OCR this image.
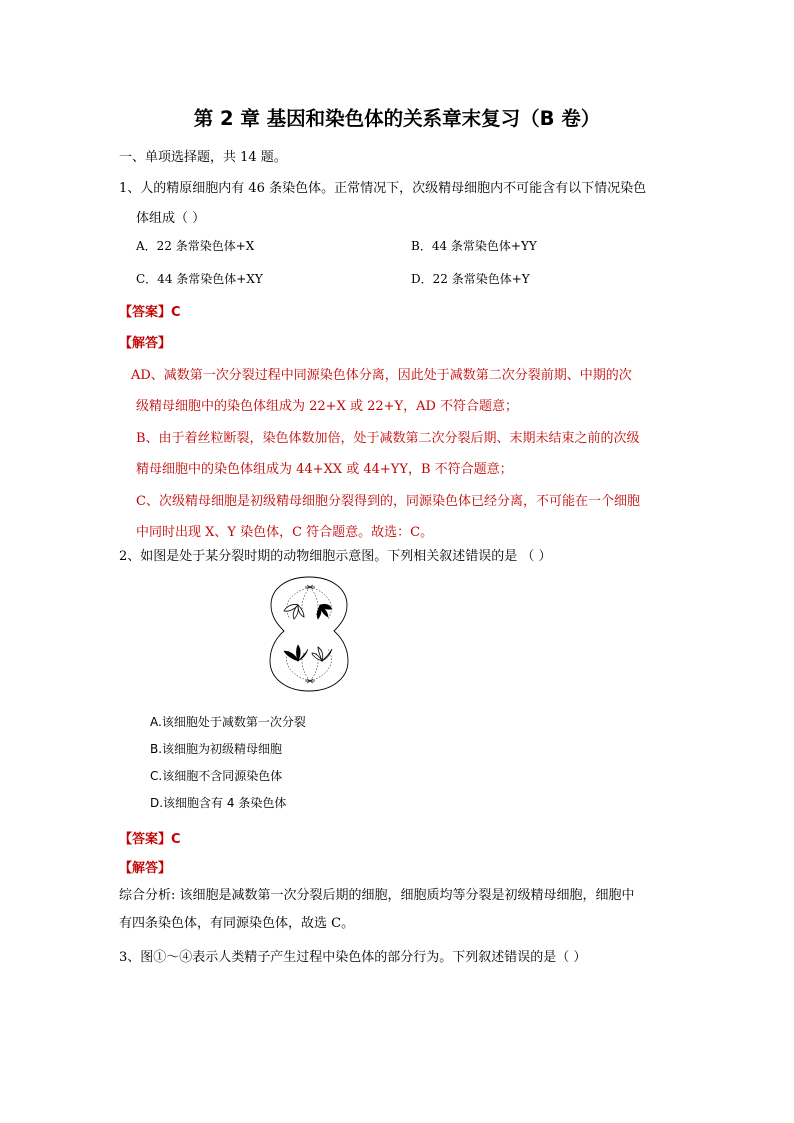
第 2 章 基因和染色体的关系章末复习（B 卷）
一、单项选择题，共 14 题。
1、人的精原细胞内有 46 条染色体。正常情况下，次级精母细胞内不可能含有以下情况染色
体组成（ ）
A．22 条常染色体+X	B．44 条常染色体+YY
C．44 条常染色体+XY	D．22 条常染色体+Y
【答案】C
【解答】
AD、减数第一次分裂过程中同源染色体分离，因此处于减数第二次分裂前期、中期的次
级精母细胞中的染色体组成为 22+X 或 22+Y，AD 不符合题意；
B、由于着丝粒断裂，染色体数加倍，处于减数第二次分裂后期、末期未结束之前的次级
精母细胞中的染色体组成为 44+XX 或 44+YY，B 不符合题意；
C、次级精母细胞是初级精母细胞分裂得到的，同源染色体已经分离，不可能在一个细胞
中同时出现 X、Y 染色体，C 符合题意。故选：C。
2、如图是处于某分裂时期的动物细胞示意图。下列相关叙述错误的是 （ ）
A.该细胞处于减数第一次分裂
B.该细胞为初级精母细胞
C.该细胞不含同源染色体
D.该细胞含有 4 条染色体
【答案】C
【解答】
综合分析: 该细胞是减数第一次分裂后期的细胞，细胞质均等分裂是初级精母细胞，细胞中
有四条染色体，有同源染色体，故选 C。
3、图①～④表示人类精子产生过程中染色体的部分行为。下列叙述错误的是（ ）
